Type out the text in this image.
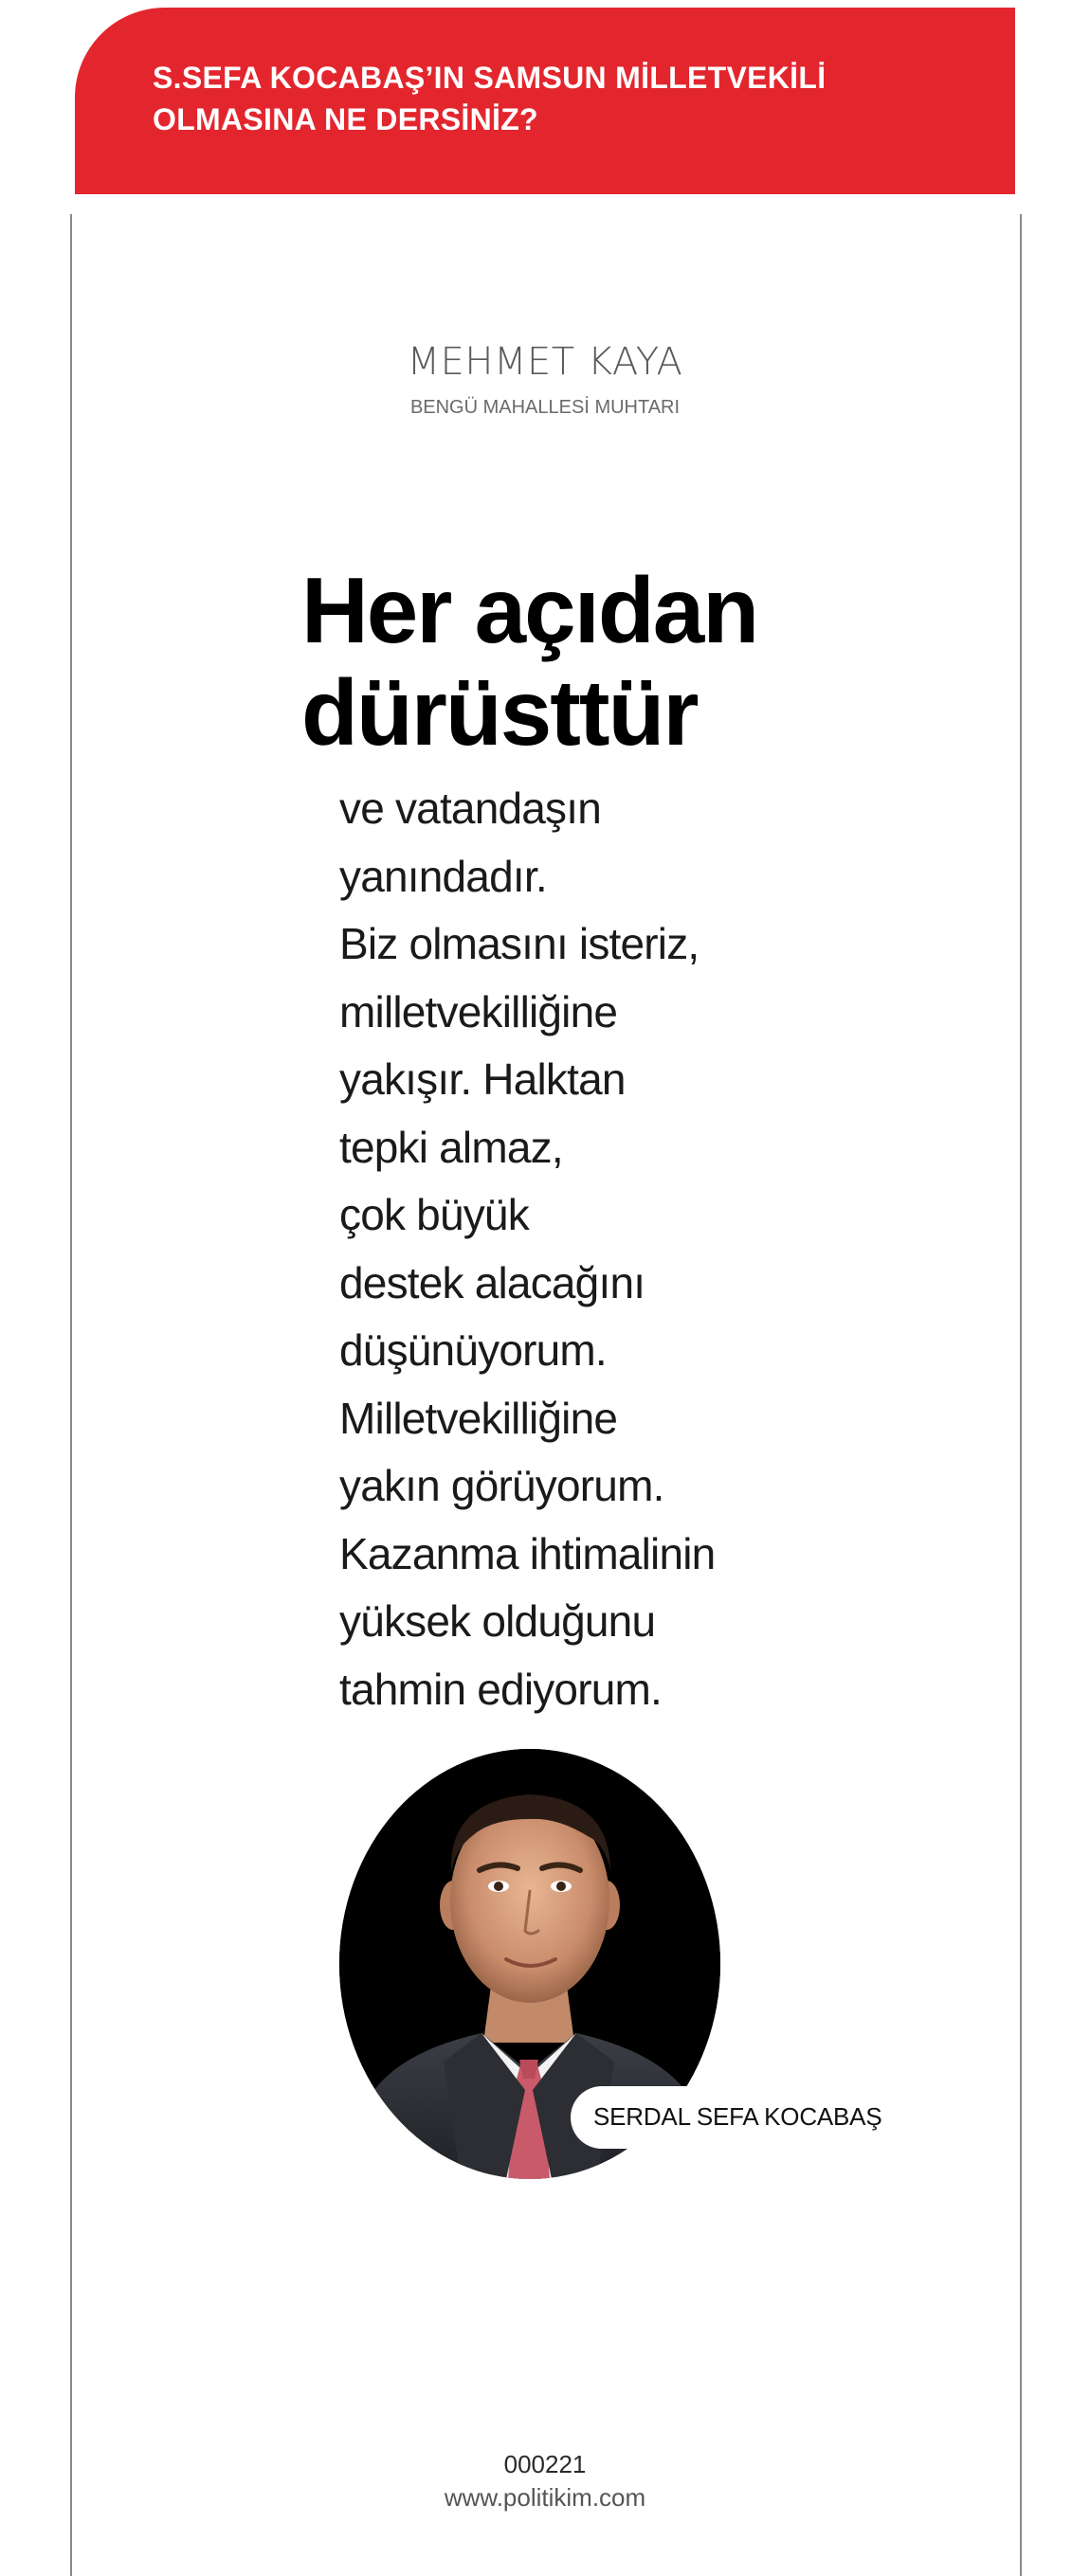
S.SEFA KOCABAŞ’IN SAMSUN MİLLETVEKİLİ
OLMASINA NE DERSİNİZ?
MEHMET KAYA
BENGÜ MAHALLESİ MUHTARI
Her açıdan
dürüsttür

ve vatandaşın
yanındadır.
Biz olmasını isteriz,
milletvekilliğine
yakışır. Halktan
tepki almaz,
çok büyük
destek alacağını
düşünüyorum.
Milletvekilliğine
yakın görüyorum.
Kazanma ihtimalinin
yüksek olduğunu
tahmin ediyorum.

SERDAL SEFA KOCABAŞ
000221
www.politikim.com
